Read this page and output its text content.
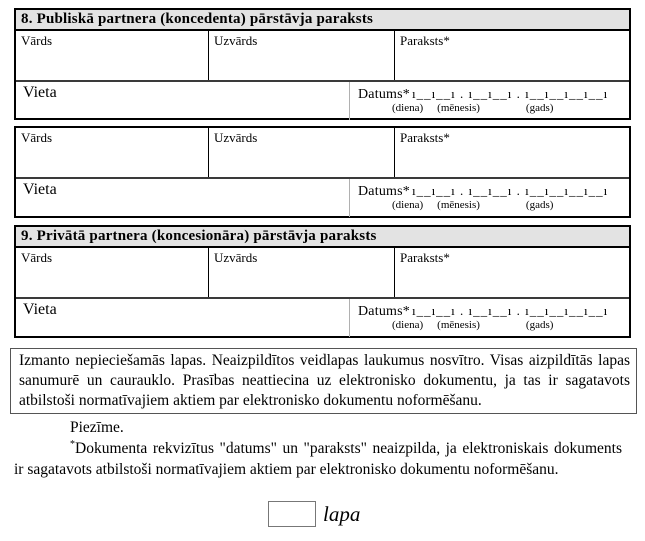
8. Publiskā partnera (koncedenta) pārstāvja paraksts
Vārds	Uzvārds	Paraksts*
Vieta	Datums* ı__ı__ı . ı__ı__ı . ı__ı__ı__ı__ı
(diena) (mēnesis)	(gads)
Vārds	Uzvārds	Paraksts*
Vieta	Datums* ı__ı__ı . ı__ı__ı . ı__ı__ı__ı__ı
(diena) (mēnesis)	(gads)
9. Privātā partnera (koncesionāra) pārstāvja paraksts
Vārds	Uzvārds	Paraksts*
Vieta	Datums* ı__ı__ı . ı__ı__ı . ı__ı__ı__ı__ı
(diena) (mēnesis)	(gads)
Izmanto nepieciešamās lapas. Neaizpildītos veidlapas laukumus nosvītro. Visas aizpildītās lapas sanumurē un caurauklo. Prasības neattiecina uz elektronisko dokumentu, ja tas ir sagatavots atbilstoši normatīvajiem aktiem par elektronisko dokumentu noformēšanu.
Piezīme.

*Dokumenta rekvizītus "datums" un "paraksts" neaizpilda, ja elektroniskais dokuments ir sagatavots atbilstoši normatīvajiem aktiem par elektronisko dokumentu noformēšanu.

lapa
